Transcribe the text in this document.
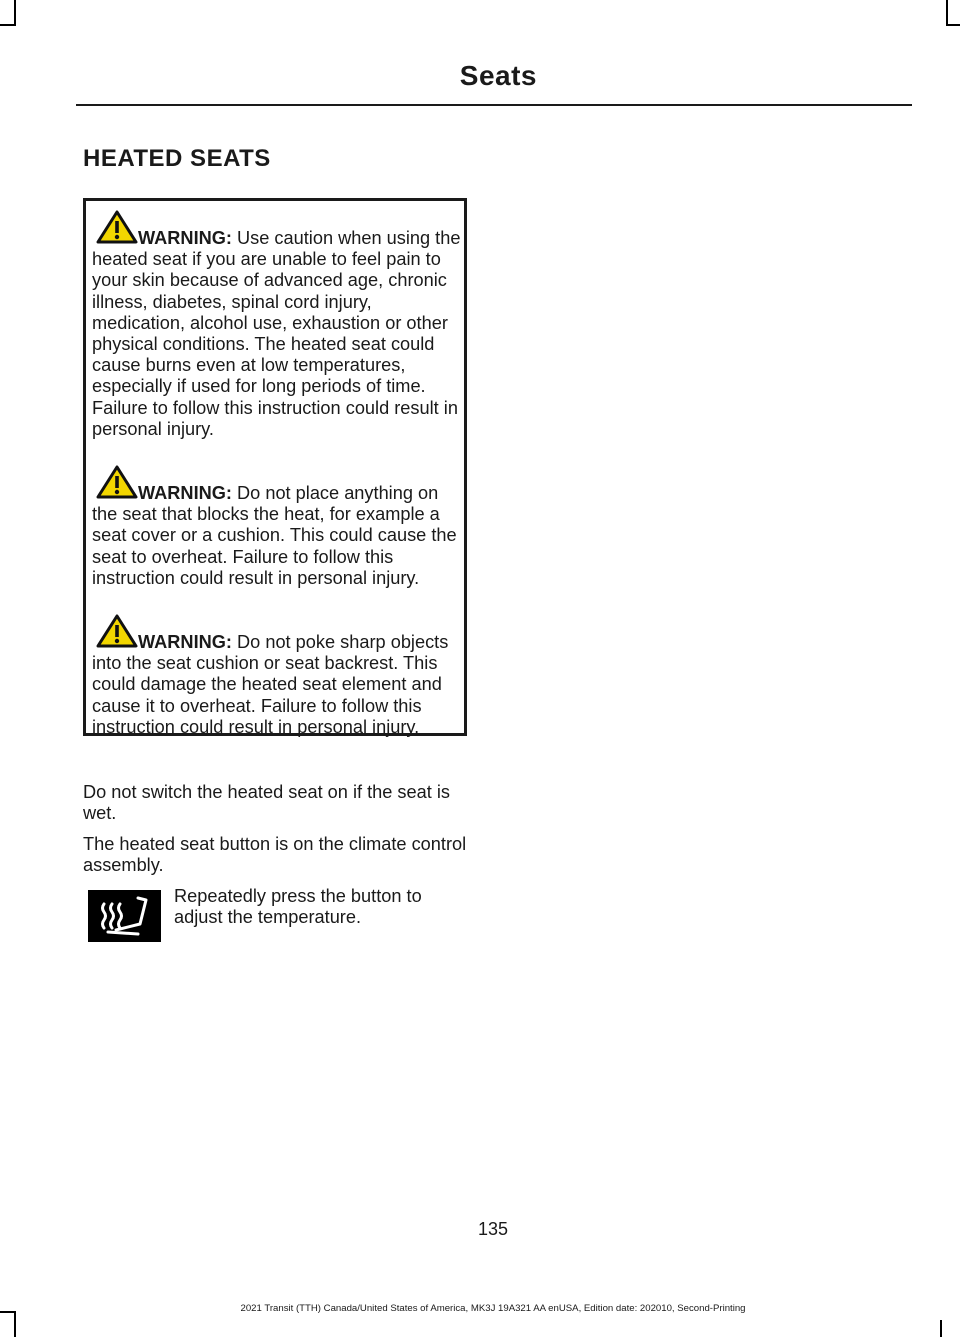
Seats
HEATED SEATS
WARNING: Use caution when using the heated seat if you are unable to feel pain to your skin because of advanced age, chronic illness, diabetes, spinal cord injury, medication, alcohol use, exhaustion or other physical conditions. The heated seat could cause burns even at low temperatures, especially if used for long periods of time. Failure to follow this instruction could result in personal injury.
WARNING: Do not place anything on the seat that blocks the heat, for example a seat cover or a cushion. This could cause the seat to overheat. Failure to follow this instruction could result in personal injury.
WARNING: Do not poke sharp objects into the seat cushion or seat backrest. This could damage the heated seat element and cause it to overheat. Failure to follow this instruction could result in personal injury.
Do not switch the heated seat on if the seat is wet.
The heated seat button is on the climate control assembly.
Repeatedly press the button to adjust the temperature.
135
2021 Transit (TTH) Canada/United States of America, MK3J 19A321 AA enUSA, Edition date: 202010, Second-Printing
